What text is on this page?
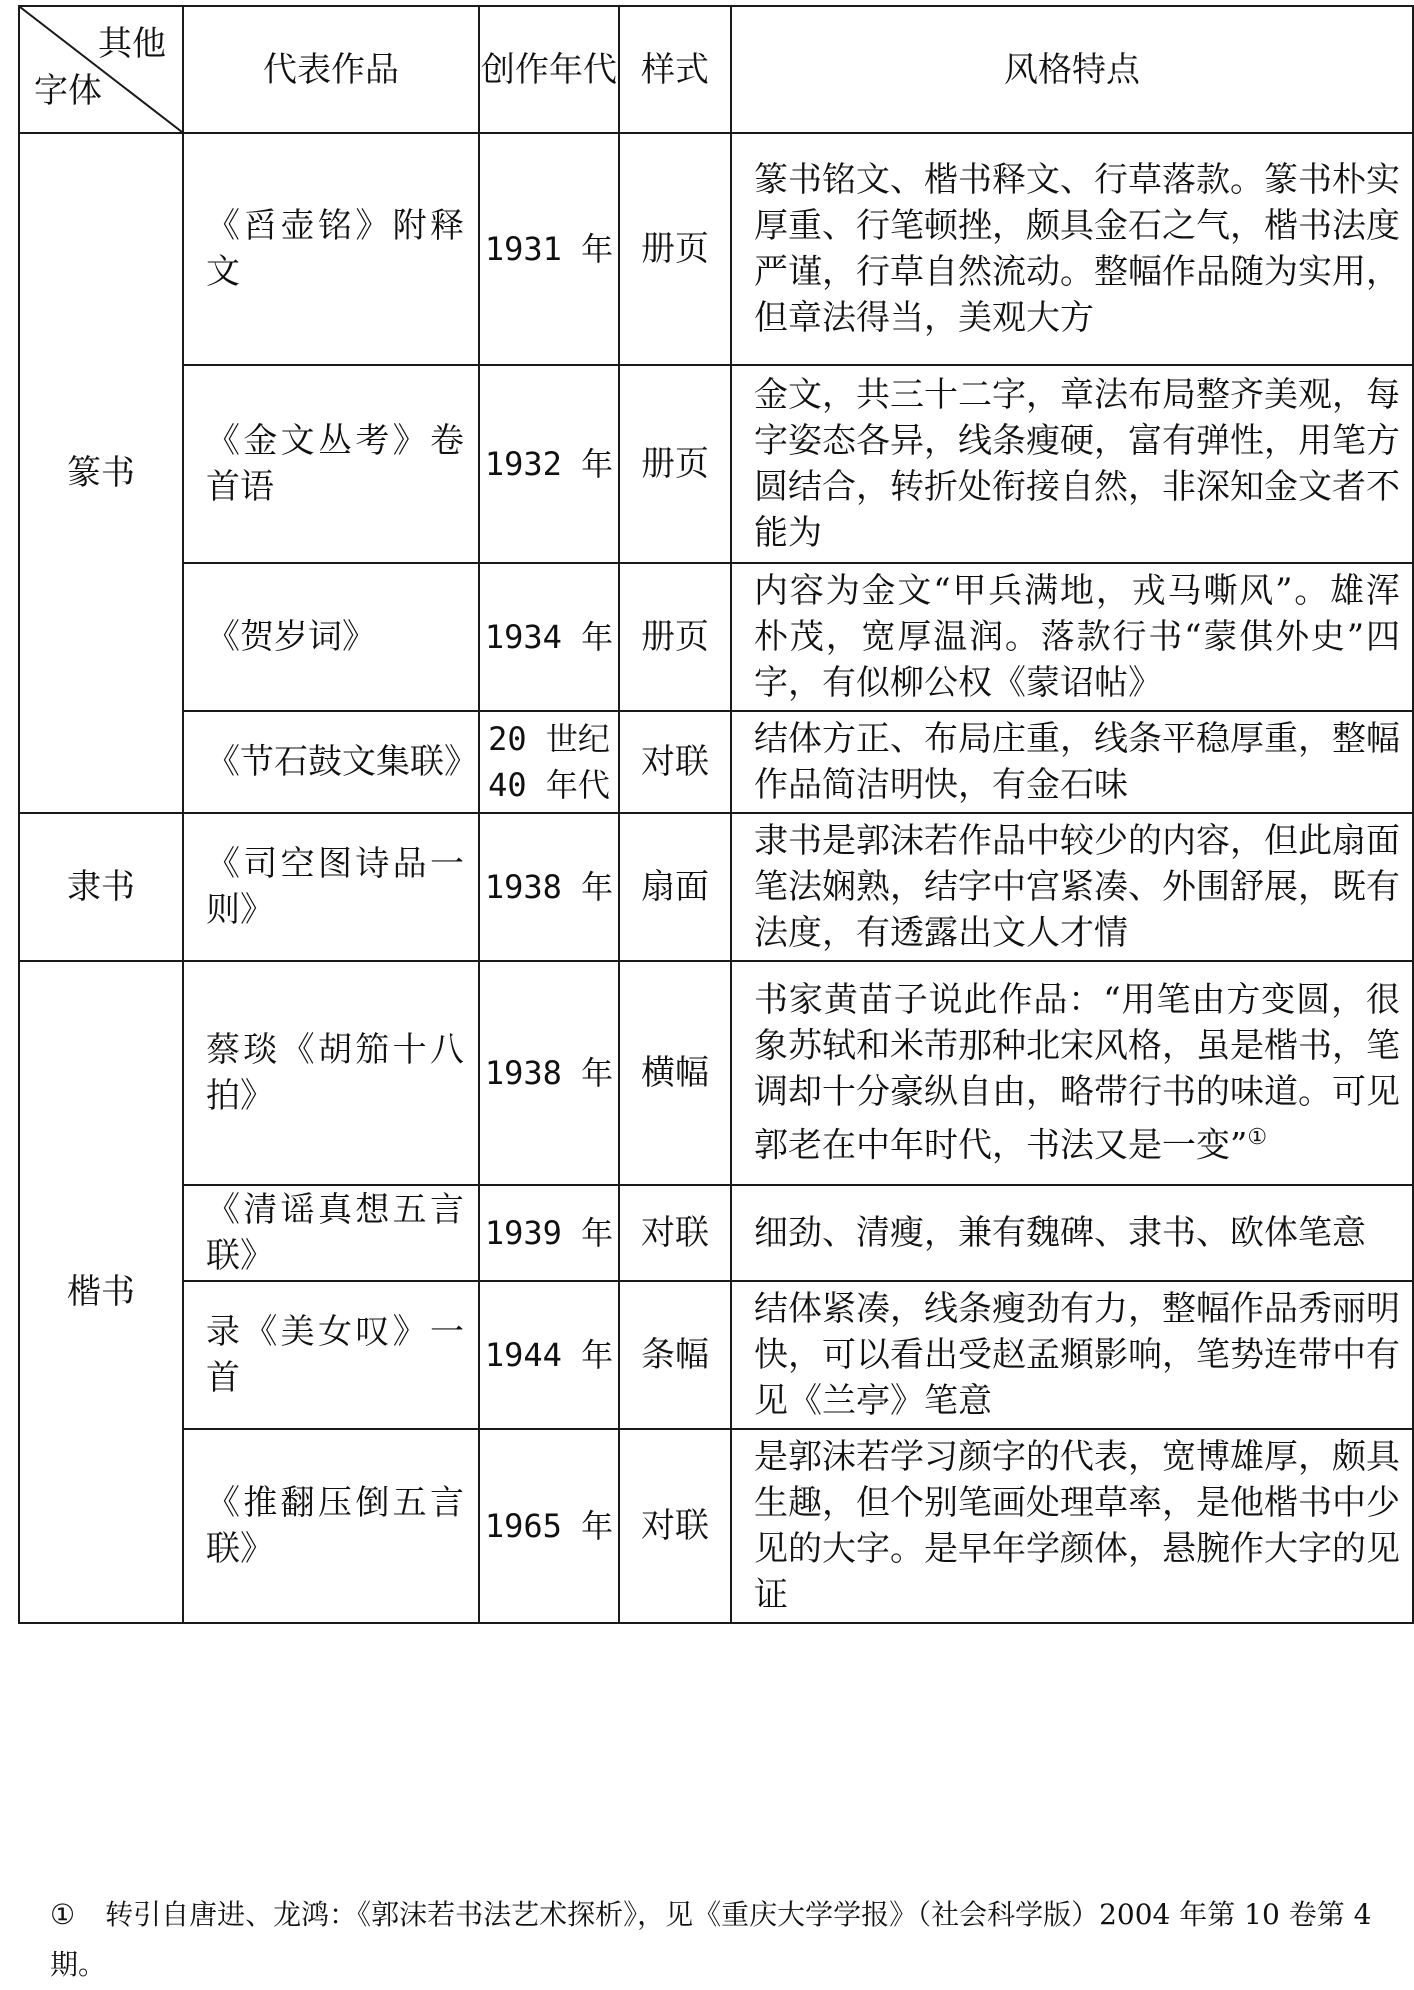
其他
字体	代表作品	创作年代	样式	风格特点
篆书	《舀壶铭》附释文	1931 年	册页	篆书铭文、楷书释文、行草落款。篆书朴实厚重、行笔顿挫，颇具金石之气，楷书法度严谨，行草自然流动。整幅作品随为实用，但章法得当，美观大方
	《金文丛考》卷首语	1932 年	册页	金文，共三十二字，章法布局整齐美观，每字姿态各异，线条瘦硬，富有弹性，用笔方圆结合，转折处衔接自然，非深知金文者不能为
	《贺岁词》	1934 年	册页	内容为金文“甲兵满地，戎马嘶风”。雄浑朴茂，宽厚温润。落款行书“蒙倛外史”四字，有似柳公权《蒙诏帖》
	《节石鼓文集联》	20 世纪 40 年代	对联	结体方正、布局庄重，线条平稳厚重，整幅作品简洁明快，有金石味
隶书	《司空图诗品一则》	1938 年	扇面	隶书是郭沫若作品中较少的内容，但此扇面笔法娴熟，结字中宫紧凑、外围舒展，既有法度，有透露出文人才情
楷书	蔡琰《胡笳十八拍》	1938 年	横幅	书家黄苗子说此作品：“用笔由方变圆，很象苏轼和米芾那种北宋风格，虽是楷书，笔调却十分豪纵自由，略带行书的味道。可见郭老在中年时代，书法又是一变”①
	《清谣真想五言联》	1939 年	对联	细劲、清瘦，兼有魏碑、隶书、欧体笔意
	录《美女叹》一首	1944 年	条幅	结体紧凑，线条瘦劲有力，整幅作品秀丽明快，可以看出受赵孟頫影响，笔势连带中有见《兰亭》笔意
	《推翻压倒五言联》	1965 年	对联	是郭沫若学习颜字的代表，宽博雄厚，颇具生趣，但个别笔画处理草率，是他楷书中少见的大字。是早年学颜体，悬腕作大字的见证
① 转引自唐进、龙鸿：《郭沫若书法艺术探析》，见《重庆大学学报》（社会科学版）2004 年第 10 卷第 4 期。
